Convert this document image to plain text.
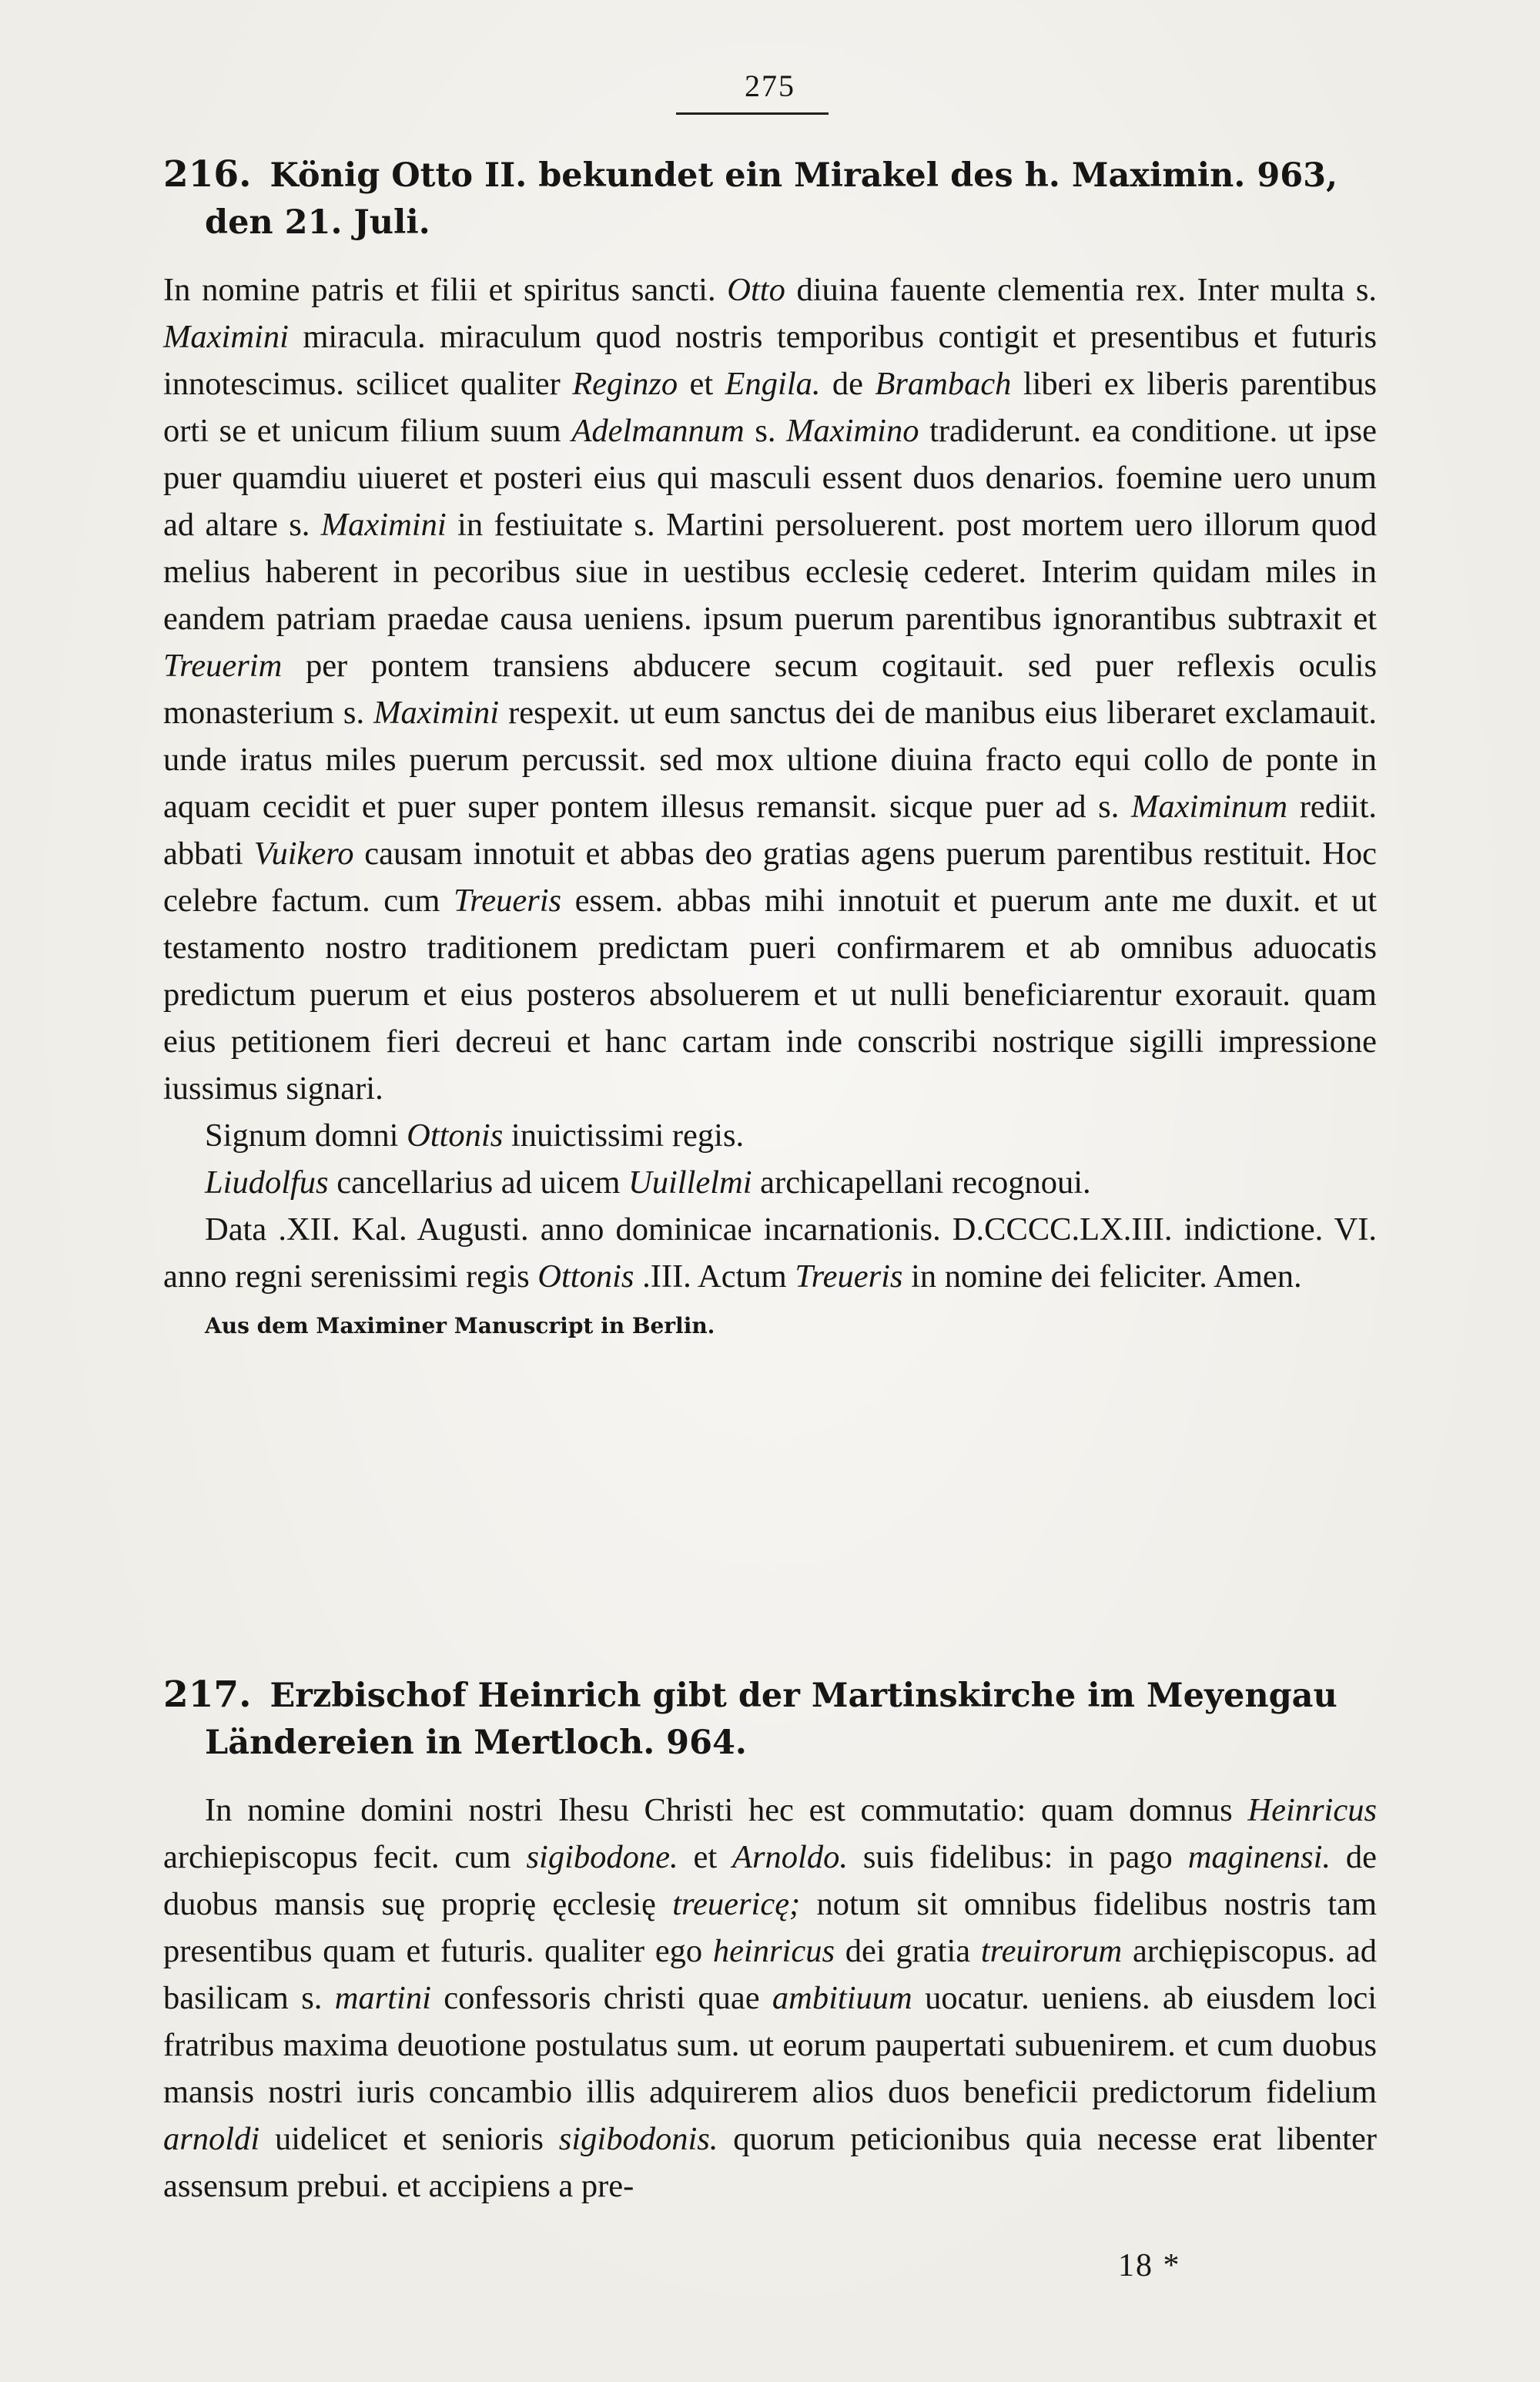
275

216. König Otto II. bekundet ein Mirakel des h. Maximin. 963,
den 21. Juli.

In nomine patris et filii et spiritus sancti. Otto diuina fauente clementia rex. Inter multa s. Maximini miracula. miraculum quod nostris temporibus contigit et presentibus et futuris innotescimus. scilicet qualiter Reginzo et Engila. de Brambach liberi ex liberis parentibus orti se et unicum filium suum Adelmannum s. Maximino tradiderunt. ea conditione. ut ipse puer quamdiu uiueret et posteri eius qui masculi essent duos denarios. foemine uero unum ad altare s. Maximini in festiuitate s. Martini persoluerent. post mortem uero illorum quod melius haberent in pecoribus siue in uestibus ecclesię cederet. Interim quidam miles in eandem patriam praedae causa ueniens. ipsum puerum parentibus ignorantibus subtraxit et Treuerim per pontem transiens abducere secum cogitauit. sed puer reflexis oculis monasterium s. Maximini respexit. ut eum sanctus dei de manibus eius liberaret exclamauit. unde iratus miles puerum percussit. sed mox ultione diuina fracto equi collo de ponte in aquam cecidit et puer super pontem illesus remansit. sicque puer ad s. Maximinum rediit. abbati Vuikero causam innotuit et abbas deo gratias agens puerum parentibus restituit. Hoc celebre factum. cum Treueris essem. abbas mihi innotuit et puerum ante me duxit. et ut testamento nostro traditionem predictam pueri confirmarem et ab omnibus aduocatis predictum puerum et eius posteros absoluerem et ut nulli beneficiarentur exorauit. quam eius petitionem fieri decreui et hanc cartam inde conscribi nostrique sigilli impressione iussimus signari.

Signum domni Ottonis inuictissimi regis.

Liudolfus cancellarius ad uicem Uuillelmi archicapellani recognoui.

Data .XII. Kal. Augusti. anno dominicae incarnationis. D.CCCC.LX.III. indictione. VI. anno regni serenissimi regis Ottonis .III. Actum Treueris in nomine dei feliciter. Amen.

Aus dem Maximiner Manuscript in Berlin.

217. Erzbischof Heinrich gibt der Martinskirche im Meyengau Ländereien in Mertloch. 964.

In nomine domini nostri Ihesu Christi hec est commutatio: quam domnus Heinricus archiepiscopus fecit. cum sigibodone. et Arnoldo. suis fidelibus: in pago maginensi. de duobus mansis suę proprię ęcclesię treuericę; notum sit omnibus fidelibus nostris tam presentibus quam et futuris. qualiter ego heinricus dei gratia treuirorum archiępiscopus. ad basilicam s. martini confessoris christi quae ambitiuum uocatur. ueniens. ab eiusdem loci fratribus maxima deuotione postulatus sum. ut eorum paupertati subuenirem. et cum duobus mansis nostri iuris concambio illis adquirerem alios duos beneficii predictorum fidelium arnoldi uidelicet et senioris sigibodonis. quorum peticionibus quia necesse erat libenter assensum prebui. et accipiens a pre-

18 *
